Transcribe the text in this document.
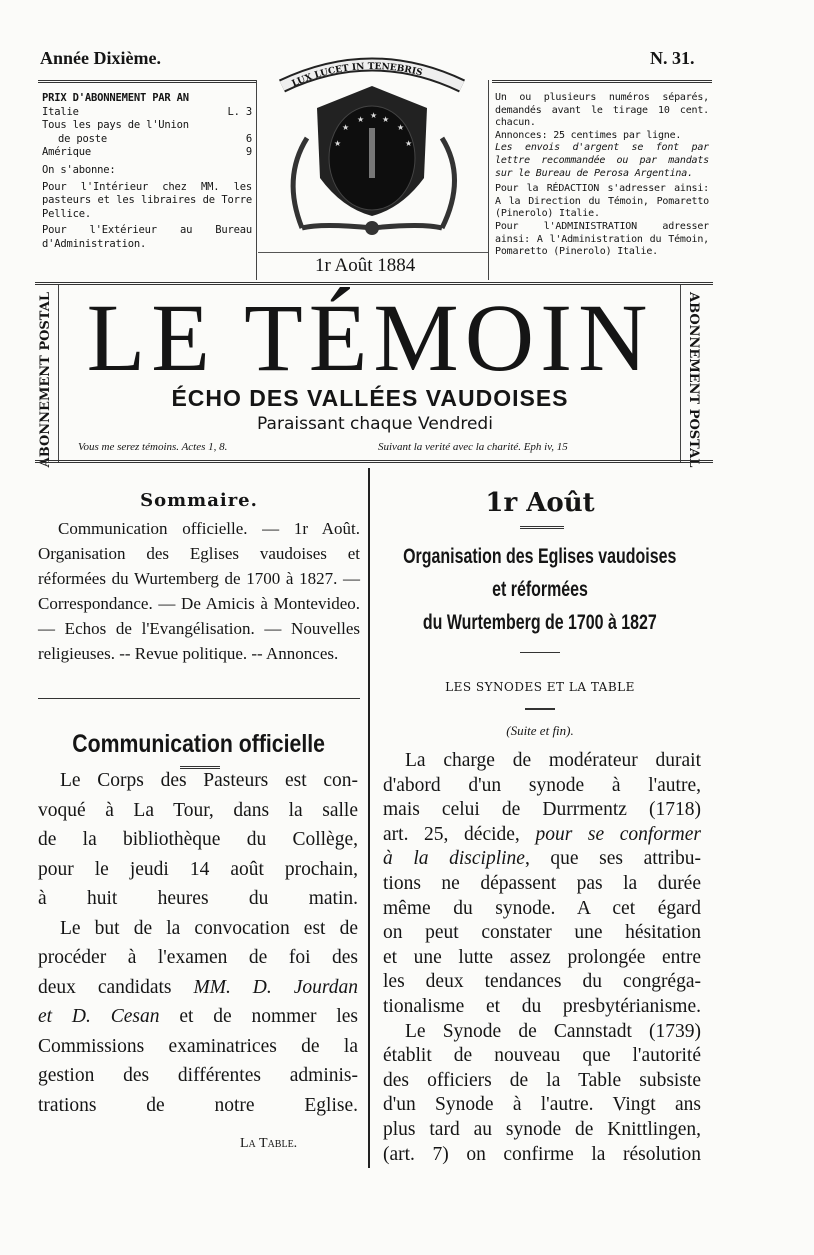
Année Dixième.	N. 31.
PRIX D'ABONNEMENT PAR AN
Italie	L. 3
Tous les pays de l'Union
de poste	6
Amérique	9
On s'abonne:
Pour l'Intérieur chez MM. les pasteurs et les libraires de Torre Pellice.
Pour l'Extérieur au Bureau d'Administration.
LUX LUCET IN TENEBRIS
★
★ ★
★
★	★
★
1r Août 1884
Un ou plusieurs numéros séparés, demandés avant le tirage 10 cent. chacun.
Annonces: 25 centimes par ligne.
Les envois d'argent se font par lettre recommandée ou par mandats sur le Bureau de Perosa Argentina.
Pour la RÉDACTION s'adresser ainsi: A la Direction du Témoin, Pomaretto (Pinerolo) Italie.
Pour l'ADMINISTRATION adresser ainsi: A l'Administration du Témoin, Pomaretto (Pinerolo) Italie.
ABONNEMENT POSTAL	ABONNEMENT POSTAL
LE TÉMOIN
ÉCHO DES VALLÉES VAUDOISES
Paraissant chaque Vendredi
Vous me serez témoins. Actes 1, 8.	Suivant la verité avec la charité. Eph iv, 15
Sommaire.

Communication officielle. — 1r Août. Organisation des Eglises vaudoises et réformées du Wurtemberg de 1700 à 1827. — Correspondance. — De Amicis à Montevideo. — Echos de l'Evangélisation. — Nouvelles religieuses. -- Revue politique. -- Annonces.

Communication officielle
Le Corps des Pasteurs est con-
voqué à La Tour, dans la salle
de la bibliothèque du Collège,
pour le jeudi 14 août prochain,
à huit heures du matin.
Le but de la convocation est de
procéder à l'examen de foi des
deux candidats MM. D. Jourdan
et D. Cesan et de nommer les
Commissions examinatrices de la
gestion des différentes adminis-
trations de notre Eglise.
La Table.
1r Août
Organisation des Eglises vaudoises
et réformées
du Wurtemberg de 1700 à 1827
LES SYNODES ET LA TABLE
(Suite et fin).
La charge de modérateur durait
d'abord d'un synode à l'autre,
mais celui de Durrmentz (1718)
art. 25, décide, pour se conformer
à la discipline, que ses attribu-
tions ne dépassent pas la durée
même du synode. A cet égard
on peut constater une hésitation
et une lutte assez prolongée entre
les deux tendances du congréga-
tionalisme et du presbytérianisme.
Le Synode de Cannstadt (1739)
établit de nouveau que l'autorité
des officiers de la Table subsiste
d'un Synode à l'autre. Vingt ans
plus tard au synode de Knittlingen,
(art. 7) on confirme la résolution
